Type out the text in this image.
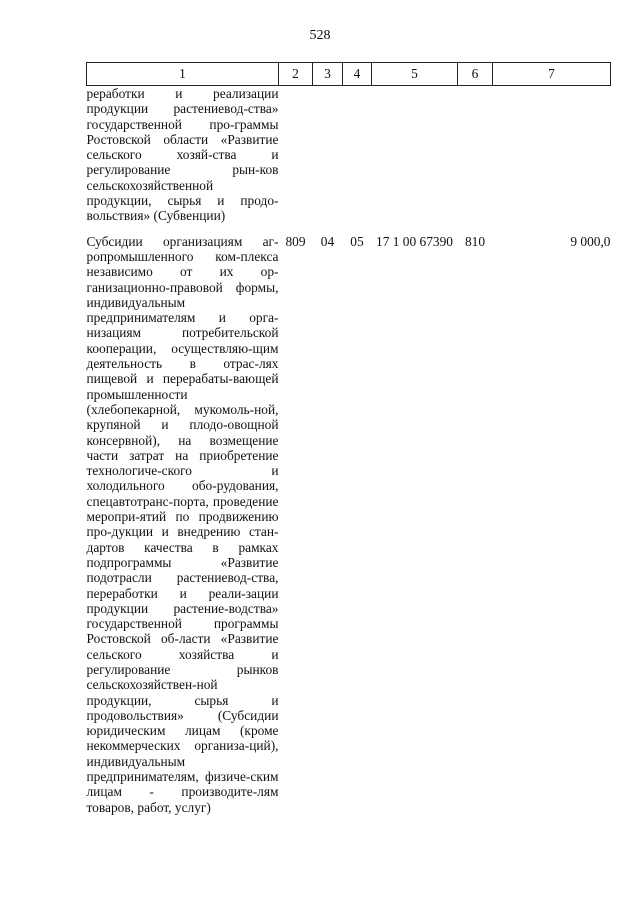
528
1	2	3	4	5	6	7
реработки и реализации продукции растениевод-ства» государственной про-граммы Ростовской области «Развитие сельского хозяй-ства и регулирование рын-ков сельскохозяйственной продукции, сырья и продо-вольствия» (Субвенции)						

Субсидии организациям аг-ропромышленного ком-плекса независимо от их ор-ганизационно-правовой формы, индивидуальным предпринимателям и орга-низациям потребительской кооперации, осуществляю-щим деятельность в отрас-лях пищевой и перерабаты-вающей промышленности (хлебопекарной, мукомоль-ной, крупяной и плодо-овощной консервной), на возмещение части затрат на приобретение технологиче-ского и холодильного обо-рудования, спецавтотранс-порта, проведение меропри-ятий по продвижению про-дукции и внедрению стан-дартов качества в рамках подпрограммы «Развитие подотрасли растениевод-ства, переработки и реали-зации продукции растение-водства» государственной программы Ростовской об-ласти «Развитие сельского хозяйства и регулирование рынков сельскохозяйствен-ной продукции, сырья и продовольствия» (Субсидии юридическим лицам (кроме некоммерческих организа-ций), индивидуальным предпринимателям, физиче-ским лицам - производите-лям товаров, работ, услуг)	809	04	05	17 1 00 67390	810	9 000,0
